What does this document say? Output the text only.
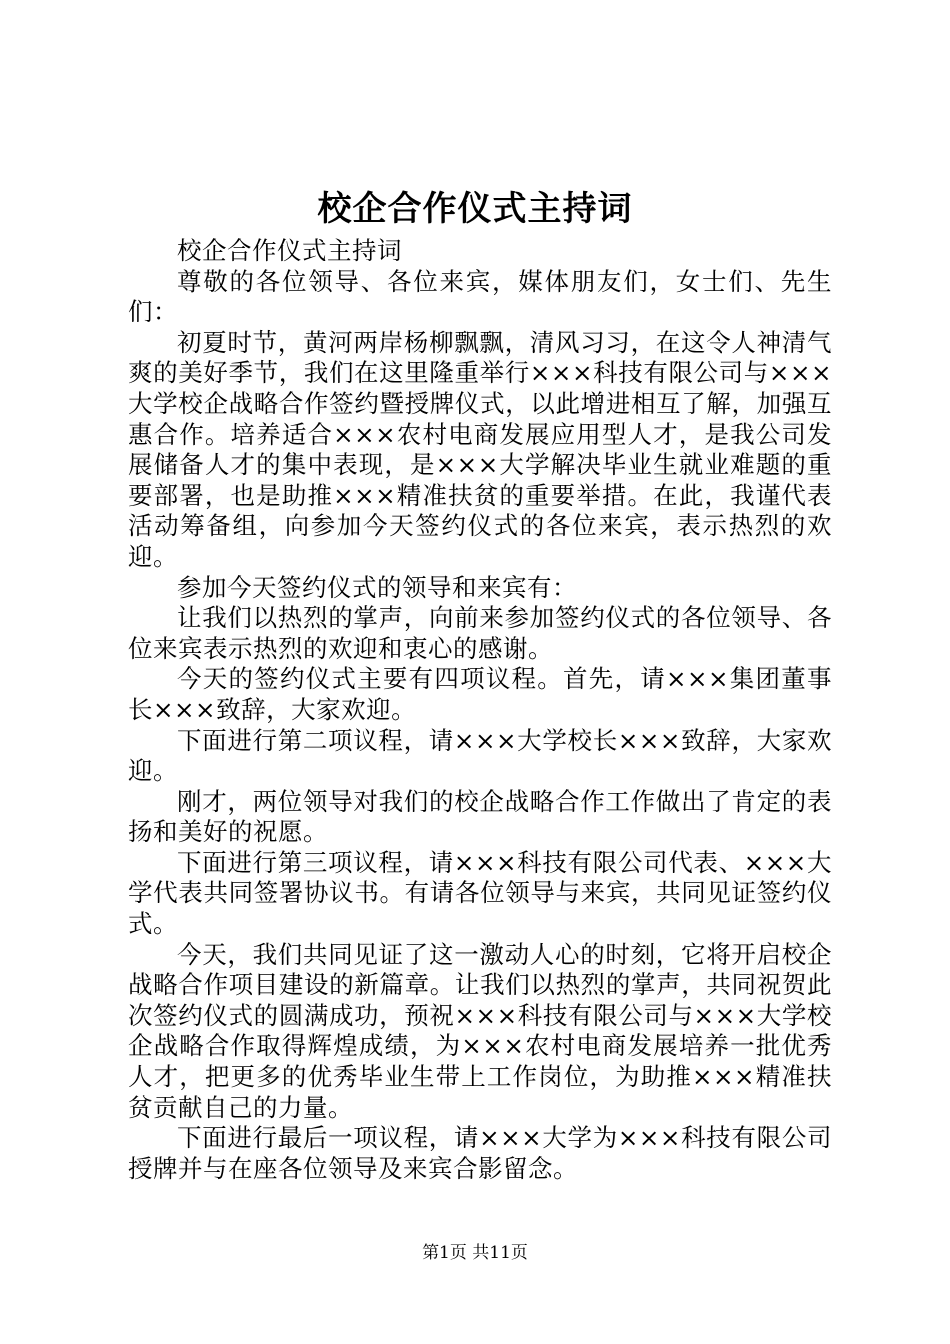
校企合作仪式主持词

校企合作仪式主持词

尊敬的各位领导、各位来宾，媒体朋友们，女士们、先生们：

初夏时节，黄河两岸杨柳飘飘，清风习习，在这令人神清气爽的美好季节，我们在这里隆重举行×××科技有限公司与×××大学校企战略合作签约暨授牌仪式，以此增进相互了解，加强互惠合作。培养适合×××农村电商发展应用型人才，是我公司发展储备人才的集中表现，是×××大学解决毕业生就业难题的重要部署，也是助推×××精准扶贫的重要举措。在此，我谨代表活动筹备组，向参加今天签约仪式的各位来宾，表示热烈的欢迎。

参加今天签约仪式的领导和来宾有：

让我们以热烈的掌声，向前来参加签约仪式的各位领导、各位来宾表示热烈的欢迎和衷心的感谢。

今天的签约仪式主要有四项议程。首先，请×××集团董事长×××致辞，大家欢迎。

下面进行第二项议程，请×××大学校长×××致辞，大家欢迎。

刚才，两位领导对我们的校企战略合作工作做出了肯定的表扬和美好的祝愿。

下面进行第三项议程，请×××科技有限公司代表、×××大学代表共同签署协议书。有请各位领导与来宾，共同见证签约仪式。

今天，我们共同见证了这一激动人心的时刻，它将开启校企战略合作项目建设的新篇章。让我们以热烈的掌声，共同祝贺此次签约仪式的圆满成功，预祝×××科技有限公司与×××大学校企战略合作取得辉煌成绩，为×××农村电商发展培养一批优秀人才，把更多的优秀毕业生带上工作岗位，为助推×××精准扶贫贡献自己的力量。

下面进行最后一项议程，请×××大学为×××科技有限公司授牌并与在座各位领导及来宾合影留念。

第1页 共11页
